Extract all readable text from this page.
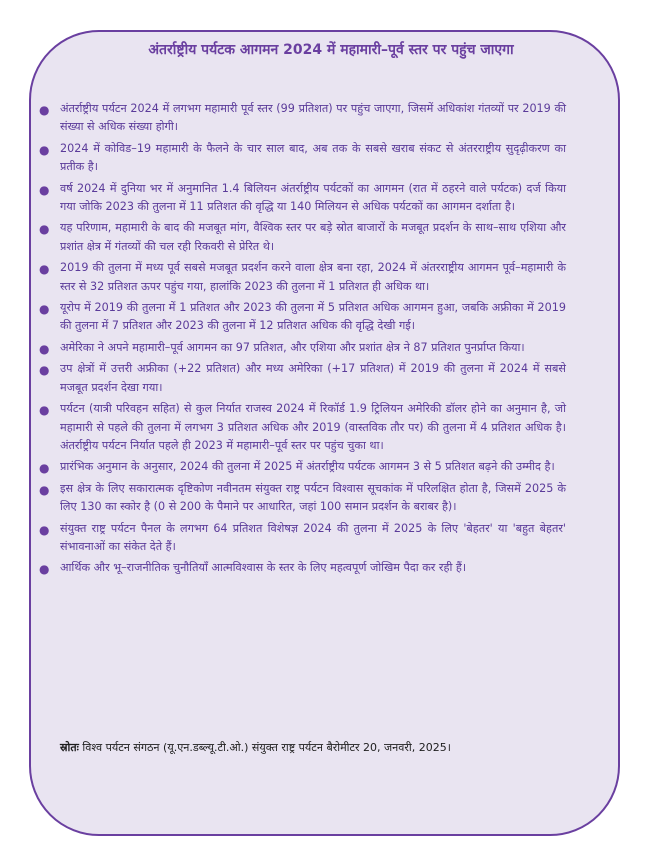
अंतर्राष्ट्रीय पर्यटक आगमन 2024 में महामारी–पूर्व स्तर पर पहुंच जाएगा
● अंतर्राष्ट्रीय पर्यटन 2024 में लगभग महामारी पूर्व स्तर (99 प्रतिशत) पर पहुंच जाएगा, जिसमें अधिकांश गंतव्यों पर 2019 की संख्या से अधिक संख्या होगी।
● 2024 में कोविड–19 महामारी के फैलने के चार साल बाद, अब तक के सबसे खराब संकट से अंतरराष्ट्रीय सुदृढ़ीकरण का प्रतीक है।
● वर्ष 2024 में दुनिया भर में अनुमानित 1.4 बिलियन अंतर्राष्ट्रीय पर्यटकों का आगमन (रात में ठहरने वाले पर्यटक) दर्ज किया गया जोकि 2023 की तुलना में 11 प्रतिशत की वृद्धि या 140 मिलियन से अधिक पर्यटकों का आगमन दर्शाता है।
● यह परिणाम, महामारी के बाद की मजबूत मांग, वैश्विक स्तर पर बड़े स्रोत बाजारों के मजबूत प्रदर्शन के साथ–साथ एशिया और प्रशांत क्षेत्र में गंतव्यों की चल रही रिकवरी से प्रेरित थे।
● 2019 की तुलना में मध्य पूर्व सबसे मजबूत प्रदर्शन करने वाला क्षेत्र बना रहा, 2024 में अंतरराष्ट्रीय आगमन पूर्व–महामारी के स्तर से 32 प्रतिशत ऊपर पहुंच गया, हालांकि 2023 की तुलना में 1 प्रतिशत ही अधिक था।
● यूरोप में 2019 की तुलना में 1 प्रतिशत और 2023 की तुलना में 5 प्रतिशत अधिक आगमन हुआ, जबकि अफ्रीका में 2019 की तुलना में 7 प्रतिशत और 2023 की तुलना में 12 प्रतिशत अधिक की वृद्धि देखी गई।
● अमेरिका ने अपने महामारी–पूर्व आगमन का 97 प्रतिशत, और एशिया और प्रशांत क्षेत्र ने 87 प्रतिशत पुनर्प्राप्त किया।
● उप क्षेत्रों में उत्तरी अफ्रीका (+22 प्रतिशत) और मध्य अमेरिका (+17 प्रतिशत) में 2019 की तुलना में 2024 में सबसे मजबूत प्रदर्शन देखा गया।
● पर्यटन (यात्री परिवहन सहित) से कुल निर्यात राजस्व 2024 में रिकॉर्ड 1.9 ट्रिलियन अमेरिकी डॉलर होने का अनुमान है, जो महामारी से पहले की तुलना में लगभग 3 प्रतिशत अधिक और 2019 (वास्तविक तौर पर) की तुलना में 4 प्रतिशत अधिक है। अंतर्राष्ट्रीय पर्यटन निर्यात पहले ही 2023 में महामारी–पूर्व स्तर पर पहुंच चुका था।
● प्रारंभिक अनुमान के अनुसार, 2024 की तुलना में 2025 में अंतर्राष्ट्रीय पर्यटक आगमन 3 से 5 प्रतिशत बढ़ने की उम्मीद है।
● इस क्षेत्र के लिए सकारात्मक दृष्टिकोण नवीनतम संयुक्त राष्ट्र पर्यटन विश्वास सूचकांक में परिलक्षित होता है, जिसमें 2025 के लिए 130 का स्कोर है (0 से 200 के पैमाने पर आधारित, जहां 100 समान प्रदर्शन के बराबर है)।
● संयुक्त राष्ट्र पर्यटन पैनल के लगभग 64 प्रतिशत विशेषज्ञ 2024 की तुलना में 2025 के लिए 'बेहतर' या 'बहुत बेहतर' संभावनाओं का संकेत देते हैं।
● आर्थिक और भू–राजनीतिक चुनौतियाँ आत्मविश्वास के स्तर के लिए महत्वपूर्ण जोखिम पैदा कर रही हैं।
स्रोतः विश्व पर्यटन संगठन (यू.एन.डब्ल्यू.टी.ओ.) संयुक्त राष्ट्र पर्यटन बैरोमीटर 20, जनवरी, 2025।
